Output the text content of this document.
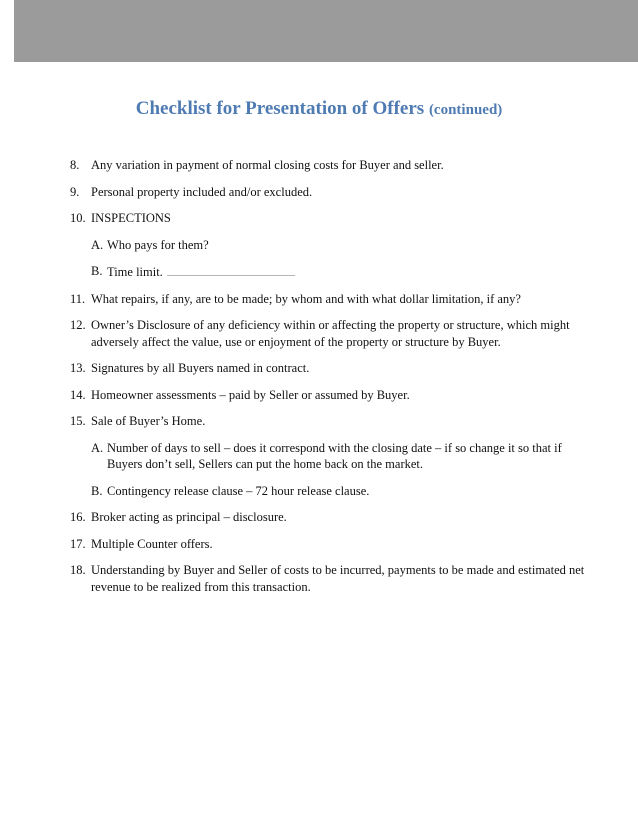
Checklist for Presentation of Offers (continued)
8. Any variation in payment of normal closing costs for Buyer and seller.
9. Personal property included and/or excluded.
10. INSPECTIONS
A. Who pays for them?
B. Time limit.
11. What repairs, if any, are to be made; by whom and with what dollar limitation, if any?
12. Owner’s Disclosure of any deficiency within or affecting the property or structure, which might adversely affect the value, use or enjoyment of the property or structure by Buyer.
13. Signatures by all Buyers named in contract.
14. Homeowner assessments – paid by Seller or assumed by Buyer.
15. Sale of Buyer’s Home.
A. Number of days to sell – does it correspond with the closing date – if so change it so that if Buyers don’t sell, Sellers can put the home back on the market.
B. Contingency release clause – 72 hour release clause.
16. Broker acting as principal – disclosure.
17. Multiple Counter offers.
18. Understanding by Buyer and Seller of costs to be incurred, payments to be made and estimated net revenue to be realized from this transaction.
